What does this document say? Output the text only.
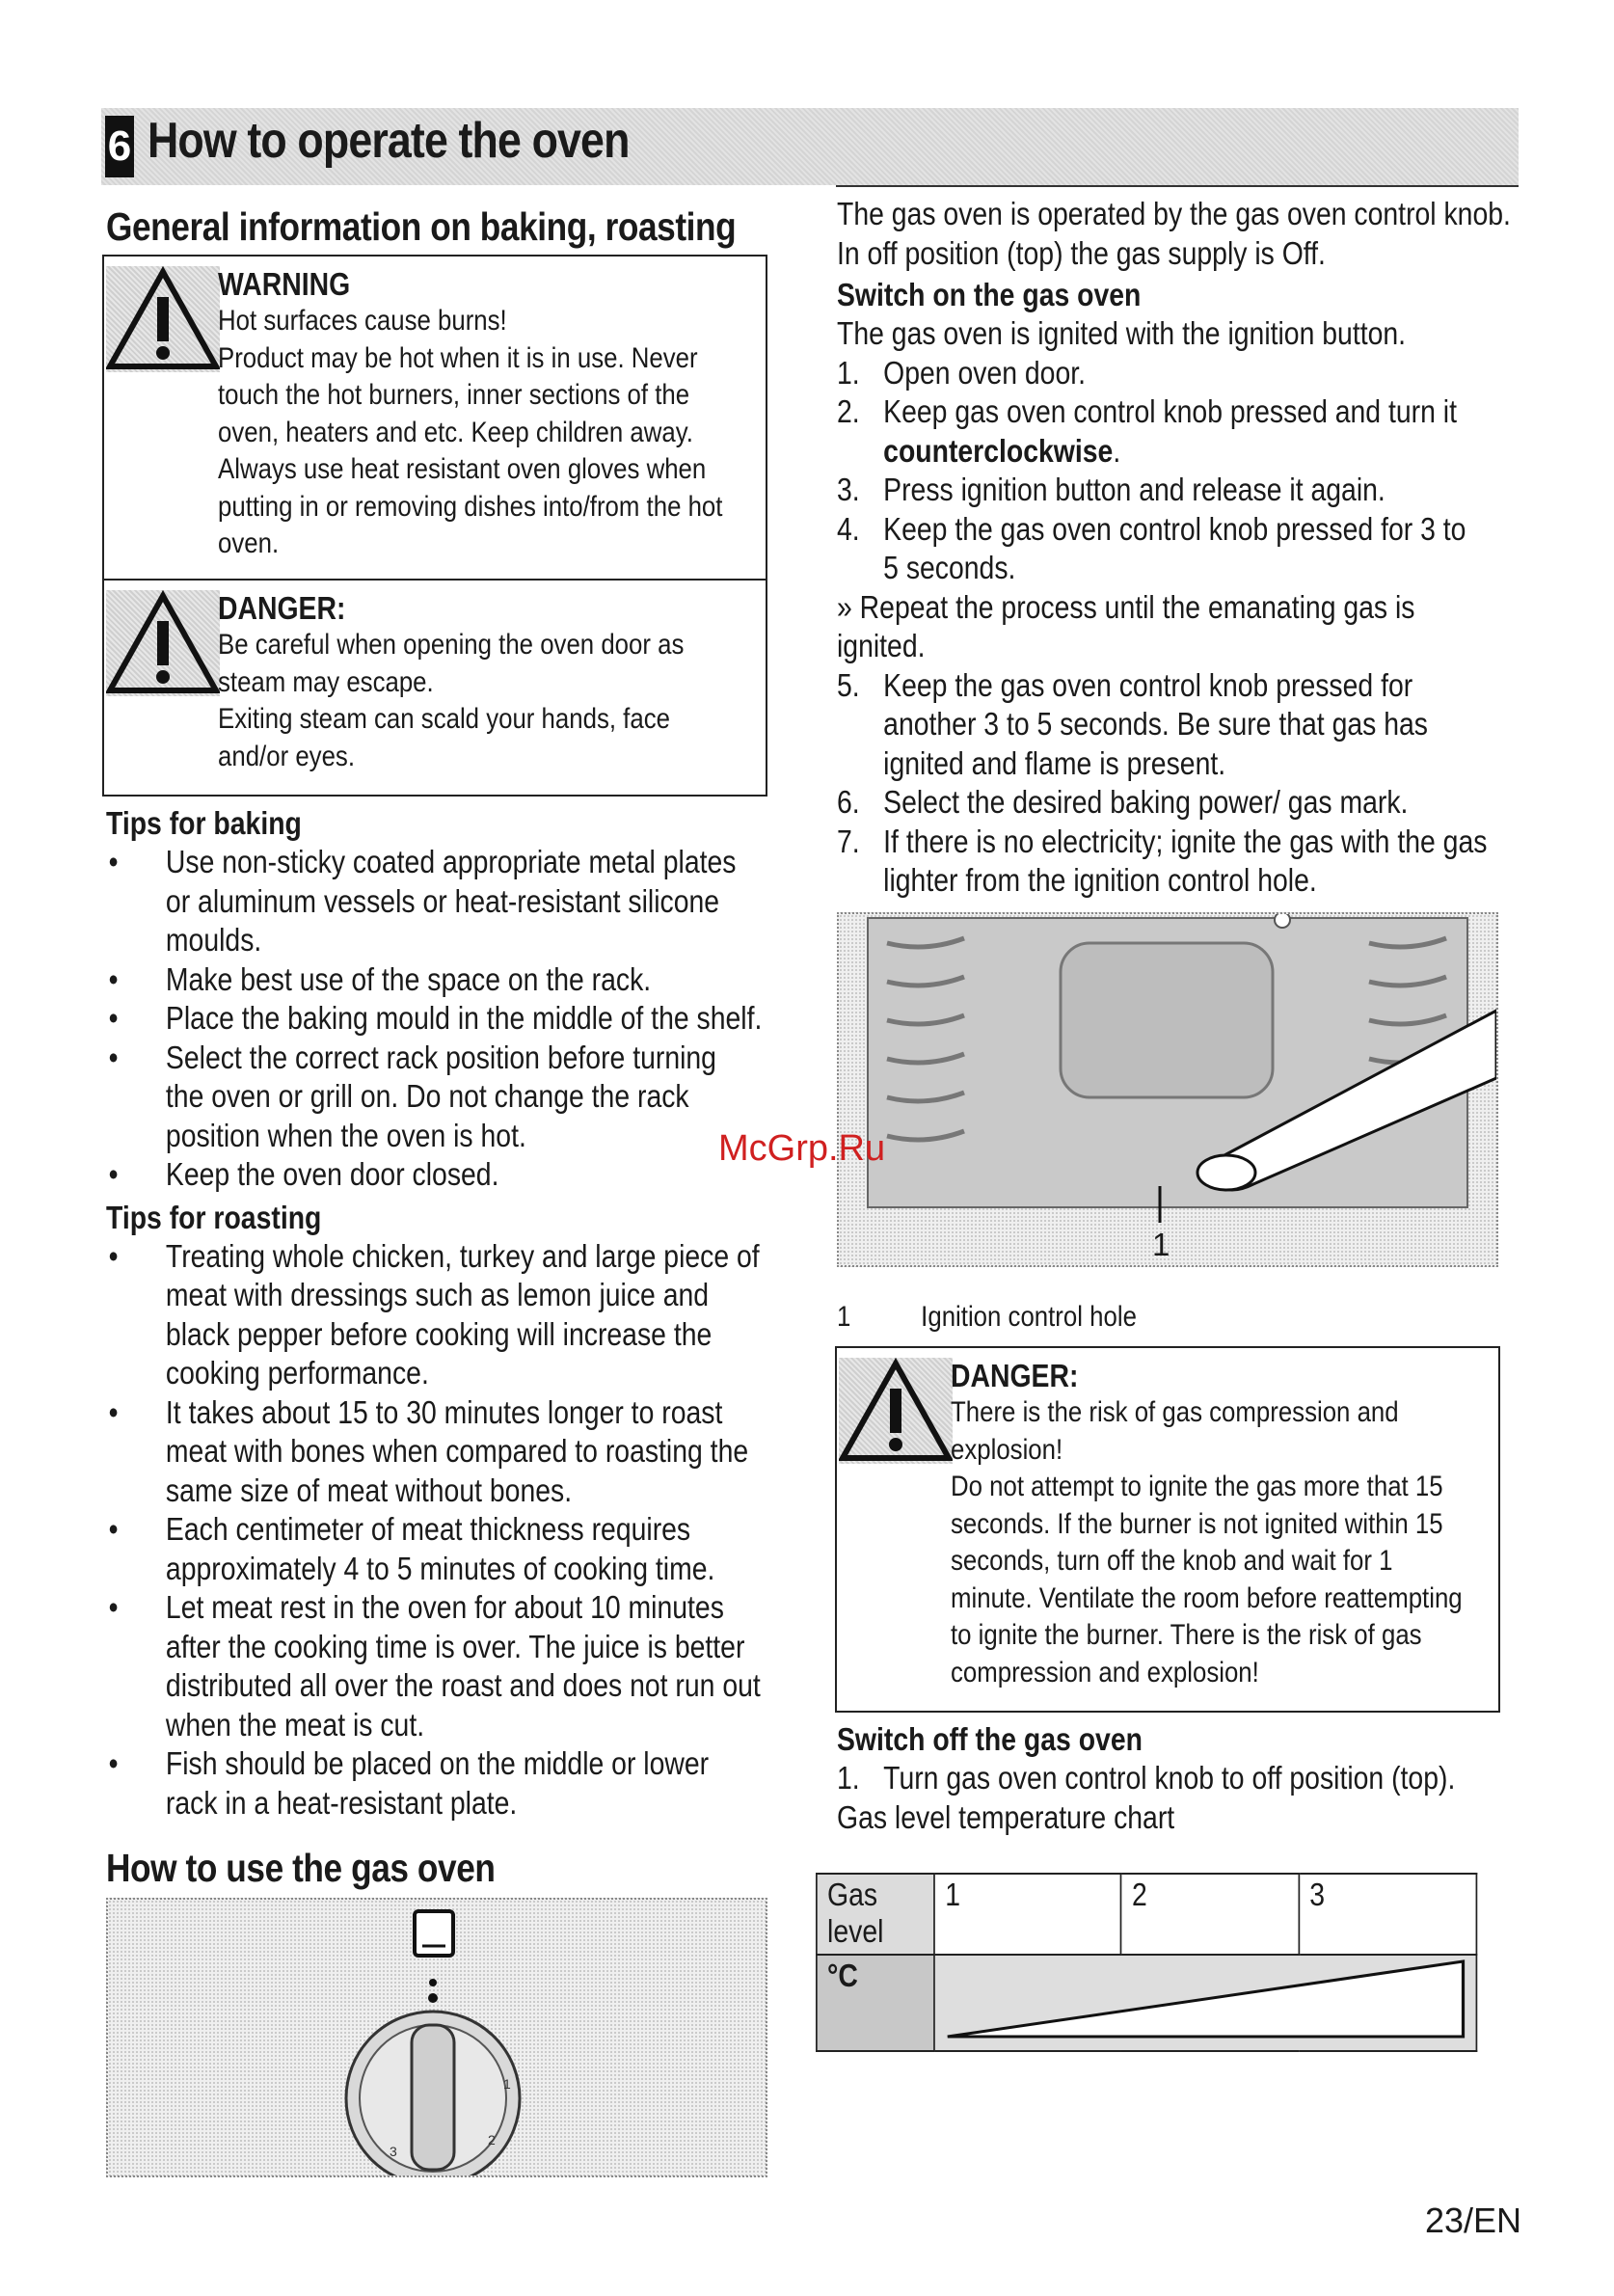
6 How to operate the oven
General information on baking, roasting
WARNING

Hot surfaces cause burns!

Product may be hot when it is in use. Never

touch the hot burners, inner sections of the

oven, heaters and etc. Keep children away.

Always use heat resistant oven gloves when

putting in or removing dishes into/from the hot

oven.

DANGER:

Be careful when opening the oven door as

steam may escape.

Exiting steam can scald your hands, face

and/or eyes.

Tips for baking
• Use non-sticky coated appropriate metal plates

or aluminum vessels or heat-resistant silicone

moulds.

• Make best use of the space on the rack.

• Place the baking mould in the middle of the shelf.

• Select the correct rack position before turning

the oven or grill on. Do not change the rack

position when the oven is hot.

• Keep the oven door closed.

Tips for roasting
• Treating whole chicken, turkey and large piece of

meat with dressings such as lemon juice and

black pepper before cooking will increase the

cooking performance.

• It takes about 15 to 30 minutes longer to roast

meat with bones when compared to roasting the

same size of meat without bones.

• Each centimeter of meat thickness requires

approximately 4 to 5 minutes of cooking time.

• Let meat rest in the oven for about 10 minutes

after the cooking time is over. The juice is better

distributed all over the roast and does not run out

when the meat is cut.

• Fish should be placed on the middle or lower

rack in a heat-resistant plate.

How to use the gas oven
1
2
3

The gas oven is operated by the gas oven control knob.

In off position (top) the gas supply is Off.

Switch on the gas oven

The gas oven is ignited with the ignition button.

1. Open oven door.

2. Keep gas oven control knob pressed and turn it

counterclockwise.

3. Press ignition button and release it again.

4. Keep the gas oven control knob pressed for 3 to

5 seconds.

» Repeat the process until the emanating gas is

ignited.

5. Keep the gas oven control knob pressed for

another 3 to 5 seconds. Be sure that gas has

ignited and flame is present.

6. Select the desired baking power/ gas mark.

7. If there is no electricity; ignite the gas with the gas

lighter from the ignition control hole.

1
1 Ignition control hole
DANGER:

There is the risk of gas compression and

explosion!

Do not attempt to ignite the gas more that 15

seconds. If the burner is not ignited within 15

seconds, turn off the knob and wait for 1

minute. Ventilate the room before reattempting

to ignite the burner. There is the risk of gas

compression and explosion!

Switch off the gas oven
1. Turn gas oven control knob to off position (top).

Gas level temperature chart

Gas
level	1	2	3
°C	
McGrp.Ru
23/EN
